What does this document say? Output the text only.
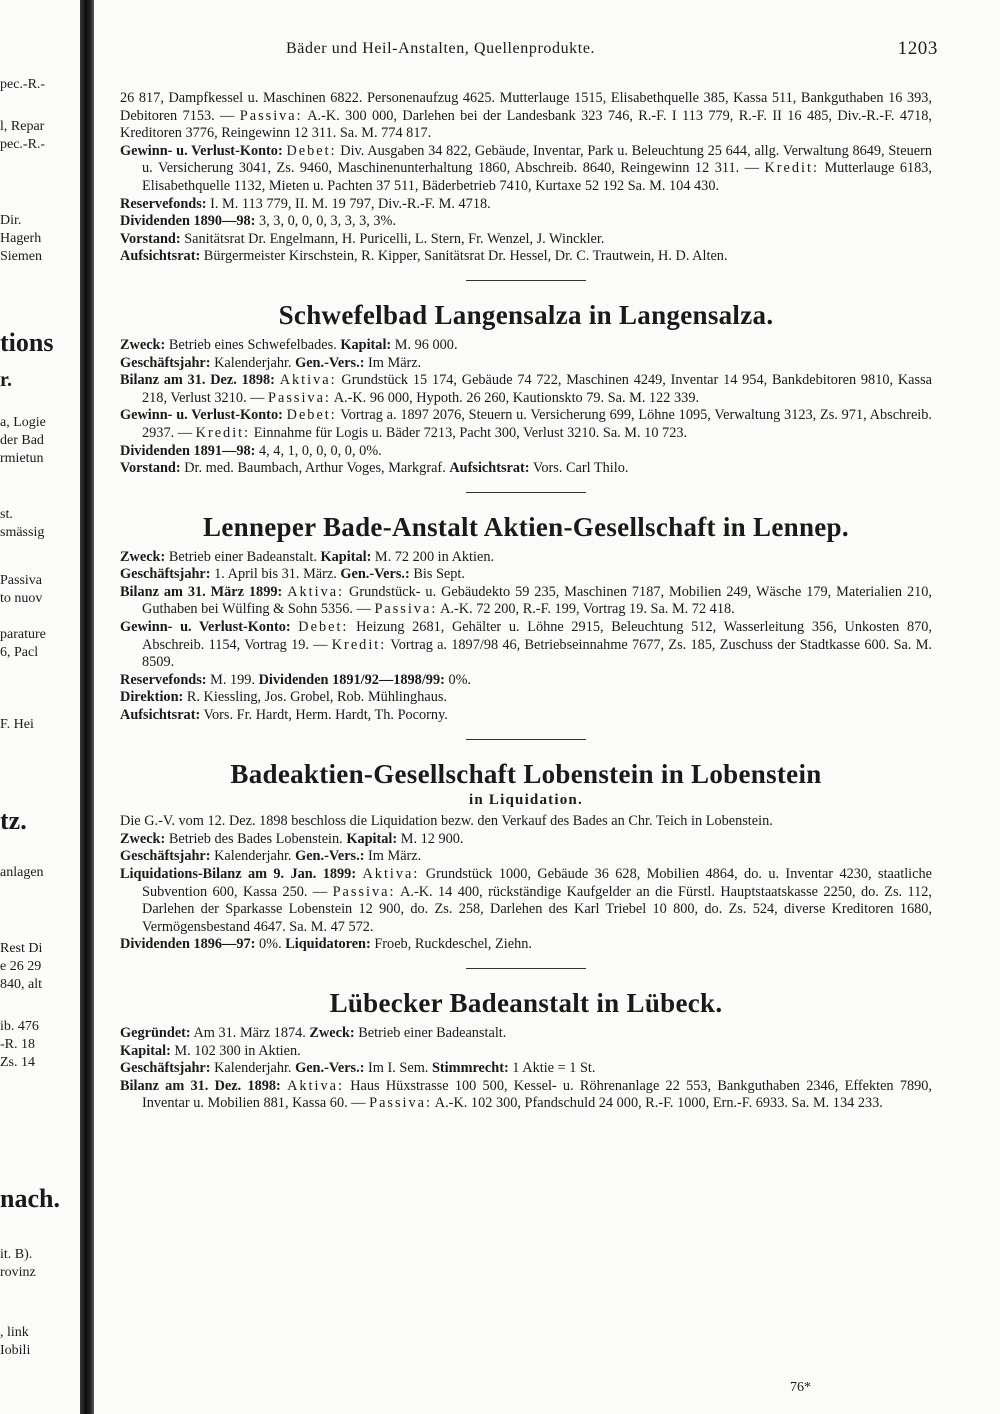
pec.-R.-
l, Repar
pec.-R.-
Dir.
Hagerh
Siemen
tions
r.
a, Logie
der Bad
rmietun
st.
smässig
Passiva
to nuov
parature
6, Pacl
F. Hei
tz.
anlagen
Rest Di
e 26 29
840, alt
ib. 476
-R. 18
Zs. 14
nach.
it. B).
rovinz
, link
Iobili
Bäder und Heil-Anstalten, Quellenprodukte.	1203

26 817, Dampfkessel u. Maschinen 6822. Personenaufzug 4625. Mutterlauge 1515, Elisabethquelle 385, Kassa 511, Bankguthaben 16 393, Debitoren 7153. — Passiva: A.-K. 300 000, Darlehen bei der Landesbank 323 746, R.-F. I 113 779, R.-F. II 16 485, Div.-R.-F. 4718, Kreditoren 3776, Reingewinn 12 311. Sa. M. 774 817.

Gewinn- u. Verlust-Konto: Debet: Div. Ausgaben 34 822, Gebäude, Inventar, Park u. Beleuchtung 25 644, allg. Verwaltung 8649, Steuern u. Versicherung 3041, Zs. 9460, Maschinenunterhaltung 1860, Abschreib. 8640, Reingewinn 12 311. — Kredit: Mutterlauge 6183, Elisabethquelle 1132, Mieten u. Pachten 37 511, Bäderbetrieb 7410, Kurtaxe 52 192 Sa. M. 104 430.

Reservefonds: I. M. 113 779, II. M. 19 797, Div.-R.-F. M. 4718.

Dividenden 1890—98: 3, 3, 0, 0, 0, 3, 3, 3, 3%.

Vorstand: Sanitätsrat Dr. Engelmann, H. Puricelli, L. Stern, Fr. Wenzel, J. Winckler.

Aufsichtsrat: Bürgermeister Kirschstein, R. Kipper, Sanitätsrat Dr. Hessel, Dr. C. Trautwein, H. D. Alten.

Schwefelbad Langensalza in Langensalza.

Zweck: Betrieb eines Schwefelbades. Kapital: M. 96 000.

Geschäftsjahr: Kalenderjahr. Gen.-Vers.: Im März.

Bilanz am 31. Dez. 1898: Aktiva: Grundstück 15 174, Gebäude 74 722, Maschinen 4249, Inventar 14 954, Bankdebitoren 9810, Kassa 218, Verlust 3210. — Passiva: A.-K. 96 000, Hypoth. 26 260, Kautionskto 79. Sa. M. 122 339.

Gewinn- u. Verlust-Konto: Debet: Vortrag a. 1897 2076, Steuern u. Versicherung 699, Löhne 1095, Verwaltung 3123, Zs. 971, Abschreib. 2937. — Kredit: Einnahme für Logis u. Bäder 7213, Pacht 300, Verlust 3210. Sa. M. 10 723.

Dividenden 1891—98: 4, 4, 1, 0, 0, 0, 0, 0%.

Vorstand: Dr. med. Baumbach, Arthur Voges, Markgraf. Aufsichtsrat: Vors. Carl Thilo.

Lenneper Bade-Anstalt Aktien-Gesellschaft in Lennep.

Zweck: Betrieb einer Badeanstalt. Kapital: M. 72 200 in Aktien.

Geschäftsjahr: 1. April bis 31. März. Gen.-Vers.: Bis Sept.

Bilanz am 31. März 1899: Aktiva: Grundstück- u. Gebäudekto 59 235, Maschinen 7187, Mobilien 249, Wäsche 179, Materialien 210, Guthaben bei Wülfing & Sohn 5356. — Passiva: A.-K. 72 200, R.-F. 199, Vortrag 19. Sa. M. 72 418.

Gewinn- u. Verlust-Konto: Debet: Heizung 2681, Gehälter u. Löhne 2915, Beleuchtung 512, Wasserleitung 356, Unkosten 870, Abschreib. 1154, Vortrag 19. — Kredit: Vortrag a. 1897/98 46, Betriebseinnahme 7677, Zs. 185, Zuschuss der Stadtkasse 600. Sa. M. 8509.

Reservefonds: M. 199. Dividenden 1891/92—1898/99: 0%.

Direktion: R. Kiessling, Jos. Grobel, Rob. Mühlinghaus.

Aufsichtsrat: Vors. Fr. Hardt, Herm. Hardt, Th. Pocorny.

Badeaktien-Gesellschaft Lobenstein in Lobenstein
in Liquidation.

Die G.-V. vom 12. Dez. 1898 beschloss die Liquidation bezw. den Verkauf des Bades an Chr. Teich in Lobenstein.

Zweck: Betrieb des Bades Lobenstein. Kapital: M. 12 900.

Geschäftsjahr: Kalenderjahr. Gen.-Vers.: Im März.

Liquidations-Bilanz am 9. Jan. 1899: Aktiva: Grundstück 1000, Gebäude 36 628, Mobilien 4864, do. u. Inventar 4230, staatliche Subvention 600, Kassa 250. — Passiva: A.-K. 14 400, rückständige Kaufgelder an die Fürstl. Hauptstaatskasse 2250, do. Zs. 112, Darlehen der Sparkasse Lobenstein 12 900, do. Zs. 258, Darlehen des Karl Triebel 10 800, do. Zs. 524, diverse Kreditoren 1680, Vermögensbestand 4647. Sa. M. 47 572.

Dividenden 1896—97: 0%. Liquidatoren: Froeb, Ruckdeschel, Ziehn.

Lübecker Badeanstalt in Lübeck.

Gegründet: Am 31. März 1874. Zweck: Betrieb einer Badeanstalt.

Kapital: M. 102 300 in Aktien.

Geschäftsjahr: Kalenderjahr. Gen.-Vers.: Im I. Sem. Stimmrecht: 1 Aktie = 1 St.

Bilanz am 31. Dez. 1898: Aktiva: Haus Hüxstrasse 100 500, Kessel- u. Röhrenanlage 22 553, Bankguthaben 2346, Effekten 7890, Inventar u. Mobilien 881, Kassa 60. — Passiva: A.-K. 102 300, Pfandschuld 24 000, R.-F. 1000, Ern.-F. 6933. Sa. M. 134 233.

76*
